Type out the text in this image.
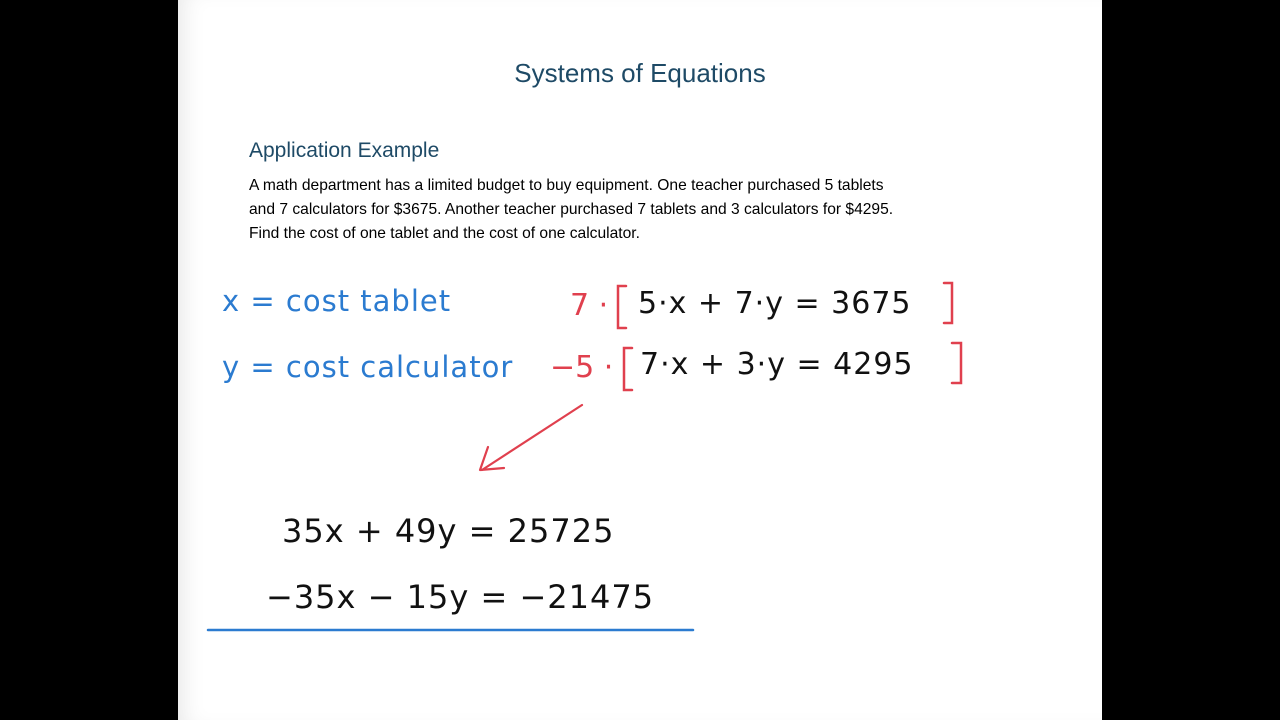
Systems of Equations
Application Example
A math department has a limited budget to buy equipment. One teacher purchased 5 tablets
and 7 calculators for $3675. Another teacher purchased 7 tablets and 3 calculators for $4295.
Find the cost of one tablet and the cost of one calculator.
x = cost tablet
y = cost calculator
7 ·
−5 ·
5·x + 7·y = 3675
7·x + 3·y = 4295
35x + 49y = 25725
−35x − 15y = −21475
